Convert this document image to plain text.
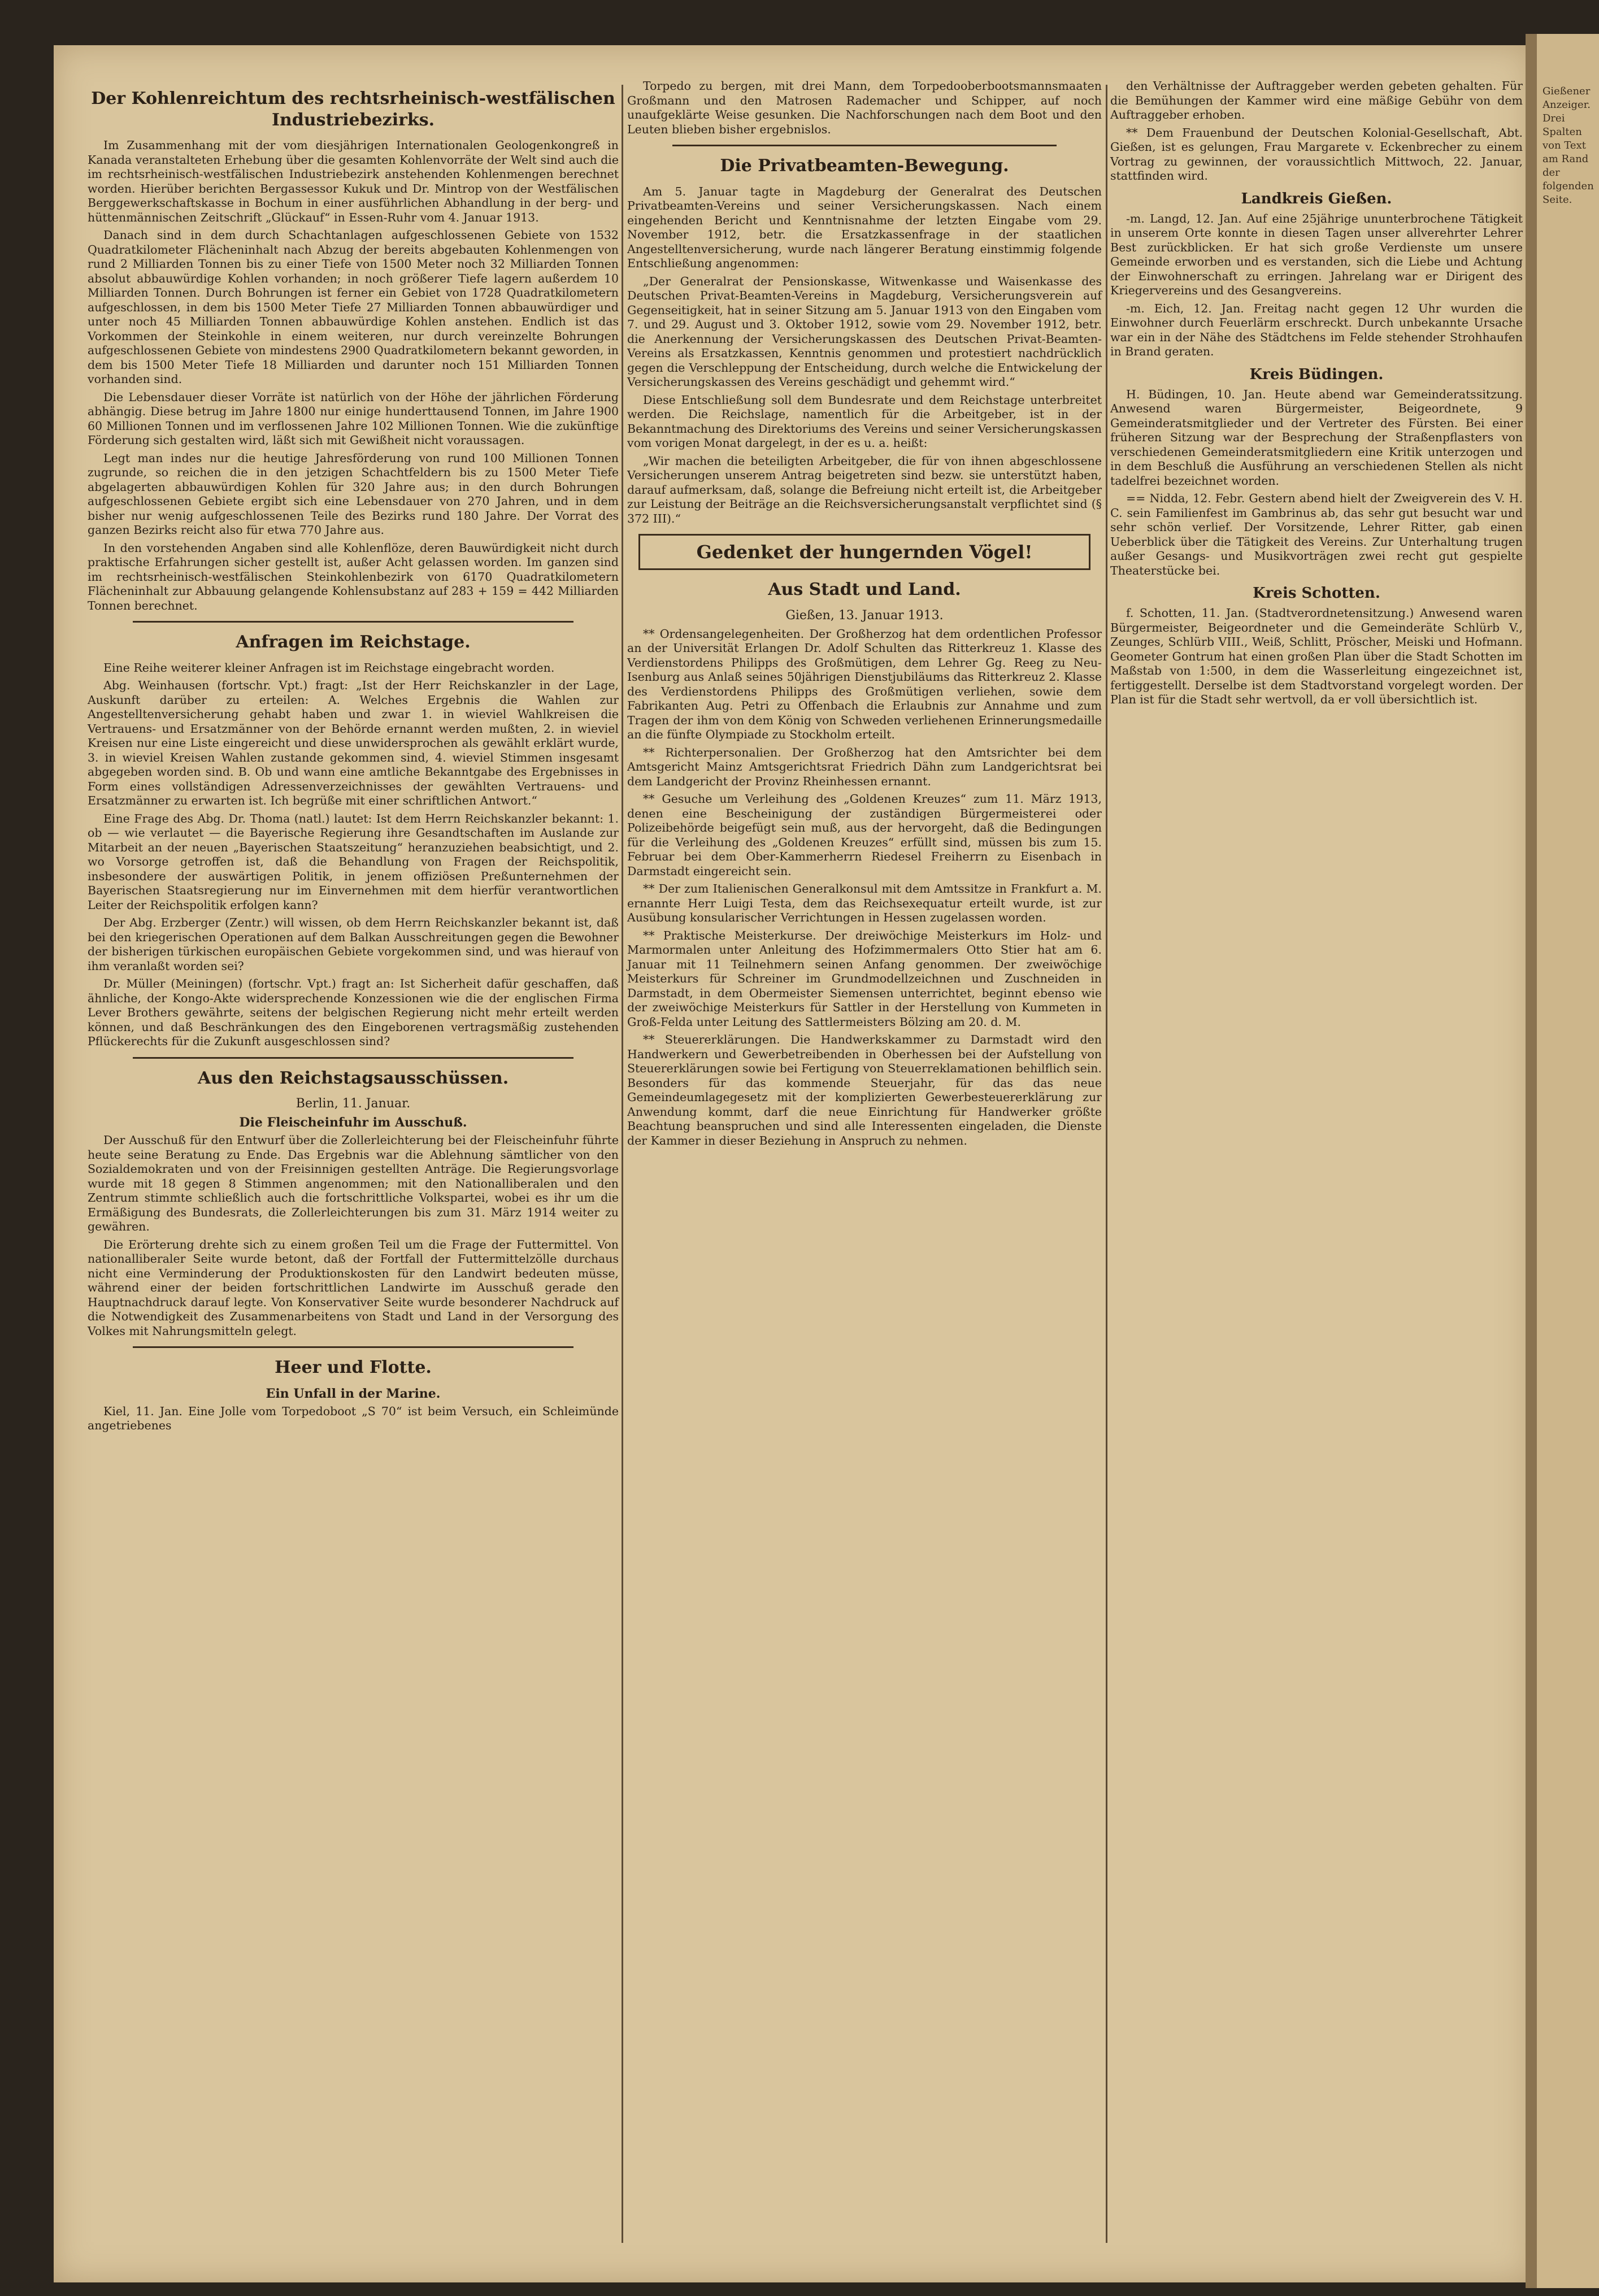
Der Kohlenreichtum des rechtsrheinisch-westfälischen Industriebezirks.

Im Zusammenhang mit der vom diesjährigen Internationalen Geologenkongreß in Kanada veranstalteten Erhebung über die gesamten Kohlenvorräte der Welt sind auch die im rechtsrheinisch-westfälischen Industriebezirk anstehenden Kohlenmengen berechnet worden. Hierüber berichten Bergassessor Kukuk und Dr. Mintrop von der Westfälischen Berggewerkschaftskasse in Bochum in einer ausführlichen Abhandlung in der berg- und hüttenmännischen Zeitschrift „Glückauf“ in Essen-Ruhr vom 4. Januar 1913.

Danach sind in dem durch Schachtanlagen aufgeschlossenen Gebiete von 1532 Quadratkilometer Flächeninhalt nach Abzug der bereits abgebauten Kohlenmengen von rund 2 Milliarden Tonnen bis zu einer Tiefe von 1500 Meter noch 32 Milliarden Tonnen absolut abbauwürdige Kohlen vorhanden; in noch größerer Tiefe lagern außerdem 10 Milliarden Tonnen. Durch Bohrungen ist ferner ein Gebiet von 1728 Quadratkilometern aufgeschlossen, in dem bis 1500 Meter Tiefe 27 Milliarden Tonnen abbauwürdiger und unter noch 45 Milliarden Tonnen abbauwürdige Kohlen anstehen. Endlich ist das Vorkommen der Steinkohle in einem weiteren, nur durch vereinzelte Bohrungen aufgeschlossenen Gebiete von mindestens 2900 Quadratkilometern bekannt geworden, in dem bis 1500 Meter Tiefe 18 Milliarden und darunter noch 151 Milliarden Tonnen vorhanden sind.

Die Lebensdauer dieser Vorräte ist natürlich von der Höhe der jährlichen Förderung abhängig. Diese betrug im Jahre 1800 nur einige hunderttausend Tonnen, im Jahre 1900 60 Millionen Tonnen und im verflossenen Jahre 102 Millionen Tonnen. Wie die zukünftige Förderung sich gestalten wird, läßt sich mit Gewißheit nicht voraussagen.

Legt man indes nur die heutige Jahresförderung von rund 100 Millionen Tonnen zugrunde, so reichen die in den jetzigen Schachtfeldern bis zu 1500 Meter Tiefe abgelagerten abbauwürdigen Kohlen für 320 Jahre aus; in den durch Bohrungen aufgeschlossenen Gebiete ergibt sich eine Lebensdauer von 270 Jahren, und in dem bisher nur wenig aufgeschlossenen Teile des Bezirks rund 180 Jahre. Der Vorrat des ganzen Bezirks reicht also für etwa 770 Jahre aus.

In den vorstehenden Angaben sind alle Kohlenflöze, deren Bauwürdigkeit nicht durch praktische Erfahrungen sicher gestellt ist, außer Acht gelassen worden. Im ganzen sind im rechtsrheinisch-westfälischen Steinkohlenbezirk von 6170 Quadratkilometern Flächeninhalt zur Abbauung gelangende Kohlensubstanz auf 283 + 159 = 442 Milliarden Tonnen berechnet.

Anfragen im Reichstage.

Eine Reihe weiterer kleiner Anfragen ist im Reichstage eingebracht worden.

Abg. Weinhausen (fortschr. Vpt.) fragt: „Ist der Herr Reichskanzler in der Lage, Auskunft darüber zu erteilen: A. Welches Ergebnis die Wahlen zur Angestelltenversicherung gehabt haben und zwar 1. in wieviel Wahlkreisen die Vertrauens- und Ersatzmänner von der Behörde ernannt werden mußten, 2. in wieviel Kreisen nur eine Liste eingereicht und diese unwidersprochen als gewählt erklärt wurde, 3. in wieviel Kreisen Wahlen zustande gekommen sind, 4. wieviel Stimmen insgesamt abgegeben worden sind. B. Ob und wann eine amtliche Bekanntgabe des Ergebnisses in Form eines vollständigen Adressenverzeichnisses der gewählten Vertrauens- und Ersatzmänner zu erwarten ist. Ich begrüße mit einer schriftlichen Antwort.“

Eine Frage des Abg. Dr. Thoma (natl.) lautet: Ist dem Herrn Reichskanzler bekannt: 1. ob — wie verlautet — die Bayerische Regierung ihre Gesandtschaften im Auslande zur Mitarbeit an der neuen „Bayerischen Staatszeitung“ heranzuziehen beabsichtigt, und 2. wo Vorsorge getroffen ist, daß die Behandlung von Fragen der Reichspolitik, insbesondere der auswärtigen Politik, in jenem offiziösen Preßunternehmen der Bayerischen Staatsregierung nur im Einvernehmen mit dem hierfür verantwortlichen Leiter der Reichspolitik erfolgen kann?

Der Abg. Erzberger (Zentr.) will wissen, ob dem Herrn Reichskanzler bekannt ist, daß bei den kriegerischen Operationen auf dem Balkan Ausschreitungen gegen die Bewohner der bisherigen türkischen europäischen Gebiete vorgekommen sind, und was hierauf von ihm veranlaßt worden sei?

Dr. Müller (Meiningen) (fortschr. Vpt.) fragt an: Ist Sicherheit dafür geschaffen, daß ähnliche, der Kongo-Akte widersprechende Konzessionen wie die der englischen Firma Lever Brothers gewährte, seitens der belgischen Regierung nicht mehr erteilt werden können, und daß Beschränkungen des den Eingeborenen vertragsmäßig zustehenden Pflückerechts für die Zukunft ausgeschlossen sind?

Aus den Reichstagsausschüssen.
Berlin, 11. Januar.
Die Fleischeinfuhr im Ausschuß.

Der Ausschuß für den Entwurf über die Zollerleichterung bei der Fleischeinfuhr führte heute seine Beratung zu Ende. Das Ergebnis war die Ablehnung sämtlicher von den Sozialdemokraten und von der Freisinnigen gestellten Anträge. Die Regierungsvorlage wurde mit 18 gegen 8 Stimmen angenommen; mit den Nationalliberalen und den Zentrum stimmte schließlich auch die fortschrittliche Volkspartei, wobei es ihr um die Ermäßigung des Bundesrats, die Zollerleichterungen bis zum 31. März 1914 weiter zu gewähren.

Die Erörterung drehte sich zu einem großen Teil um die Frage der Futtermittel. Von nationalliberaler Seite wurde betont, daß der Fortfall der Futtermittelzölle durchaus nicht eine Verminderung der Produktionskosten für den Landwirt bedeuten müsse, während einer der beiden fortschrittlichen Landwirte im Ausschuß gerade den Hauptnachdruck darauf legte. Von Konservativer Seite wurde besonderer Nachdruck auf die Notwendigkeit des Zusammenarbeitens von Stadt und Land in der Versorgung des Volkes mit Nahrungsmitteln gelegt.

Heer und Flotte.
Ein Unfall in der Marine.

Kiel, 11. Jan. Eine Jolle vom Torpedoboot „S 70“ ist beim Versuch, ein Schleimünde angetriebenes

Torpedo zu bergen, mit drei Mann, dem Torpedooberbootsmannsmaaten Großmann und den Matrosen Rademacher und Schipper, auf noch unaufgeklärte Weise gesunken. Die Nachforschungen nach dem Boot und den Leuten blieben bisher ergebnislos.

Die Privatbeamten-Bewegung.

Am 5. Januar tagte in Magdeburg der Generalrat des Deutschen Privatbeamten-Vereins und seiner Versicherungskassen. Nach einem eingehenden Bericht und Kenntnisnahme der letzten Eingabe vom 29. November 1912, betr. die Ersatzkassenfrage in der staatlichen Angestelltenversicherung, wurde nach längerer Beratung einstimmig folgende Entschließung angenommen:

„Der Generalrat der Pensionskasse, Witwenkasse und Waisenkasse des Deutschen Privat-Beamten-Vereins in Magdeburg, Versicherungsverein auf Gegenseitigkeit, hat in seiner Sitzung am 5. Januar 1913 von den Eingaben vom 7. und 29. August und 3. Oktober 1912, sowie vom 29. November 1912, betr. die Anerkennung der Versicherungskassen des Deutschen Privat-Beamten-Vereins als Ersatzkassen, Kenntnis genommen und protestiert nachdrücklich gegen die Verschleppung der Entscheidung, durch welche die Entwickelung der Versicherungskassen des Vereins geschädigt und gehemmt wird.“

Diese Entschließung soll dem Bundesrate und dem Reichstage unterbreitet werden. Die Reichslage, namentlich für die Arbeitgeber, ist in der Bekanntmachung des Direktoriums des Vereins und seiner Versicherungskassen vom vorigen Monat dargelegt, in der es u. a. heißt:

„Wir machen die beteiligten Arbeitgeber, die für von ihnen abgeschlossene Versicherungen unserem Antrag beigetreten sind bezw. sie unterstützt haben, darauf aufmerksam, daß, solange die Befreiung nicht erteilt ist, die Arbeitgeber zur Leistung der Beiträge an die Reichsversicherungsanstalt verpflichtet sind (§ 372 III).“

Gedenket der hungernden Vögel!
Aus Stadt und Land.
Gießen, 13. Januar 1913.

** Ordensangelegenheiten. Der Großherzog hat dem ordentlichen Professor an der Universität Erlangen Dr. Adolf Schulten das Ritterkreuz 1. Klasse des Verdienstordens Philipps des Großmütigen, dem Lehrer Gg. Reeg zu Neu-Isenburg aus Anlaß seines 50jährigen Dienstjubiläums das Ritterkreuz 2. Klasse des Verdienstordens Philipps des Großmütigen verliehen, sowie dem Fabrikanten Aug. Petri zu Offenbach die Erlaubnis zur Annahme und zum Tragen der ihm von dem König von Schweden verliehenen Erinnerungsmedaille an die fünfte Olympiade zu Stockholm erteilt.

** Richterpersonalien. Der Großherzog hat den Amtsrichter bei dem Amtsgericht Mainz Amtsgerichtsrat Friedrich Dähn zum Landgerichtsrat bei dem Landgericht der Provinz Rheinhessen ernannt.

** Gesuche um Verleihung des „Goldenen Kreuzes“ zum 11. März 1913, denen eine Bescheinigung der zuständigen Bürgermeisterei oder Polizeibehörde beigefügt sein muß, aus der hervorgeht, daß die Bedingungen für die Verleihung des „Goldenen Kreuzes“ erfüllt sind, müssen bis zum 15. Februar bei dem Ober-Kammerherrn Riedesel Freiherrn zu Eisenbach in Darmstadt eingereicht sein.

** Der zum Italienischen Generalkonsul mit dem Amtssitze in Frankfurt a. M. ernannte Herr Luigi Testa, dem das Reichsexequatur erteilt wurde, ist zur Ausübung konsularischer Verrichtungen in Hessen zugelassen worden.

** Praktische Meisterkurse. Der dreiwöchige Meisterkurs im Holz- und Marmormalen unter Anleitung des Hofzimmermalers Otto Stier hat am 6. Januar mit 11 Teilnehmern seinen Anfang genommen. Der zweiwöchige Meisterkurs für Schreiner im Grundmodellzeichnen und Zuschneiden in Darmstadt, in dem Obermeister Siemensen unterrichtet, beginnt ebenso wie der zweiwöchige Meisterkurs für Sattler in der Herstellung von Kummeten in Groß-Felda unter Leitung des Sattlermeisters Bölzing am 20. d. M.

** Steuererklärungen. Die Handwerkskammer zu Darmstadt wird den Handwerkern und Gewerbetreibenden in Oberhessen bei der Aufstellung von Steuererklärungen sowie bei Fertigung von Steuerreklamationen behilflich sein. Besonders für das kommende Steuerjahr, für das das neue Gemeindeumlagegesetz mit der komplizierten Gewerbesteuererklärung zur Anwendung kommt, darf die neue Einrichtung für Handwerker größte Beachtung beanspruchen und sind alle Interessenten eingeladen, die Dienste der Kammer in dieser Beziehung in Anspruch zu nehmen.

den Verhältnisse der Auftraggeber werden gebeten gehalten. Für die Bemühungen der Kammer wird eine mäßige Gebühr von dem Auftraggeber erhoben.

** Dem Frauenbund der Deutschen Kolonial-Gesellschaft, Abt. Gießen, ist es gelungen, Frau Margarete v. Eckenbrecher zu einem Vortrag zu gewinnen, der voraussichtlich Mittwoch, 22. Januar, stattfinden wird.

Landkreis Gießen.

-m. Langd, 12. Jan. Auf eine 25jährige ununterbrochene Tätigkeit in unserem Orte konnte in diesen Tagen unser allverehrter Lehrer Best zurückblicken. Er hat sich große Verdienste um unsere Gemeinde erworben und es verstanden, sich die Liebe und Achtung der Einwohnerschaft zu erringen. Jahrelang war er Dirigent des Kriegervereins und des Gesangvereins.

-m. Eich, 12. Jan. Freitag nacht gegen 12 Uhr wurden die Einwohner durch Feuerlärm erschreckt. Durch unbekannte Ursache war ein in der Nähe des Städtchens im Felde stehender Strohhaufen in Brand geraten.

Kreis Büdingen.

H. Büdingen, 10. Jan. Heute abend war Gemeinderatssitzung. Anwesend waren Bürgermeister, Beigeordnete, 9 Gemeinderatsmitglieder und der Vertreter des Fürsten. Bei einer früheren Sitzung war der Besprechung der Straßenpflasters von verschiedenen Gemeinderatsmitgliedern eine Kritik unterzogen und in dem Beschluß die Ausführung an verschiedenen Stellen als nicht tadelfrei bezeichnet worden.

== Nidda, 12. Febr. Gestern abend hielt der Zweigverein des V. H. C. sein Familienfest im Gambrinus ab, das sehr gut besucht war und sehr schön verlief. Der Vorsitzende, Lehrer Ritter, gab einen Ueberblick über die Tätigkeit des Vereins. Zur Unterhaltung trugen außer Gesangs- und Musikvorträgen zwei recht gut gespielte Theaterstücke bei.

Kreis Schotten.

f. Schotten, 11. Jan. (Stadtverordnetensitzung.) Anwesend waren Bürgermeister, Beigeordneter und die Gemeinderäte Schlürb V., Zeunges, Schlürb VIII., Weiß, Schlitt, Pröscher, Meiski und Hofmann. Geometer Gontrum hat einen großen Plan über die Stadt Schotten im Maßstab von 1:500, in dem die Wasserleitung eingezeichnet ist, fertiggestellt. Derselbe ist dem Stadtvorstand vorgelegt worden. Der Plan ist für die Stadt sehr wertvoll, da er voll übersichtlich ist.

Gießener Anzeiger. Drei Spalten von Text am Rand der folgenden Seite.
